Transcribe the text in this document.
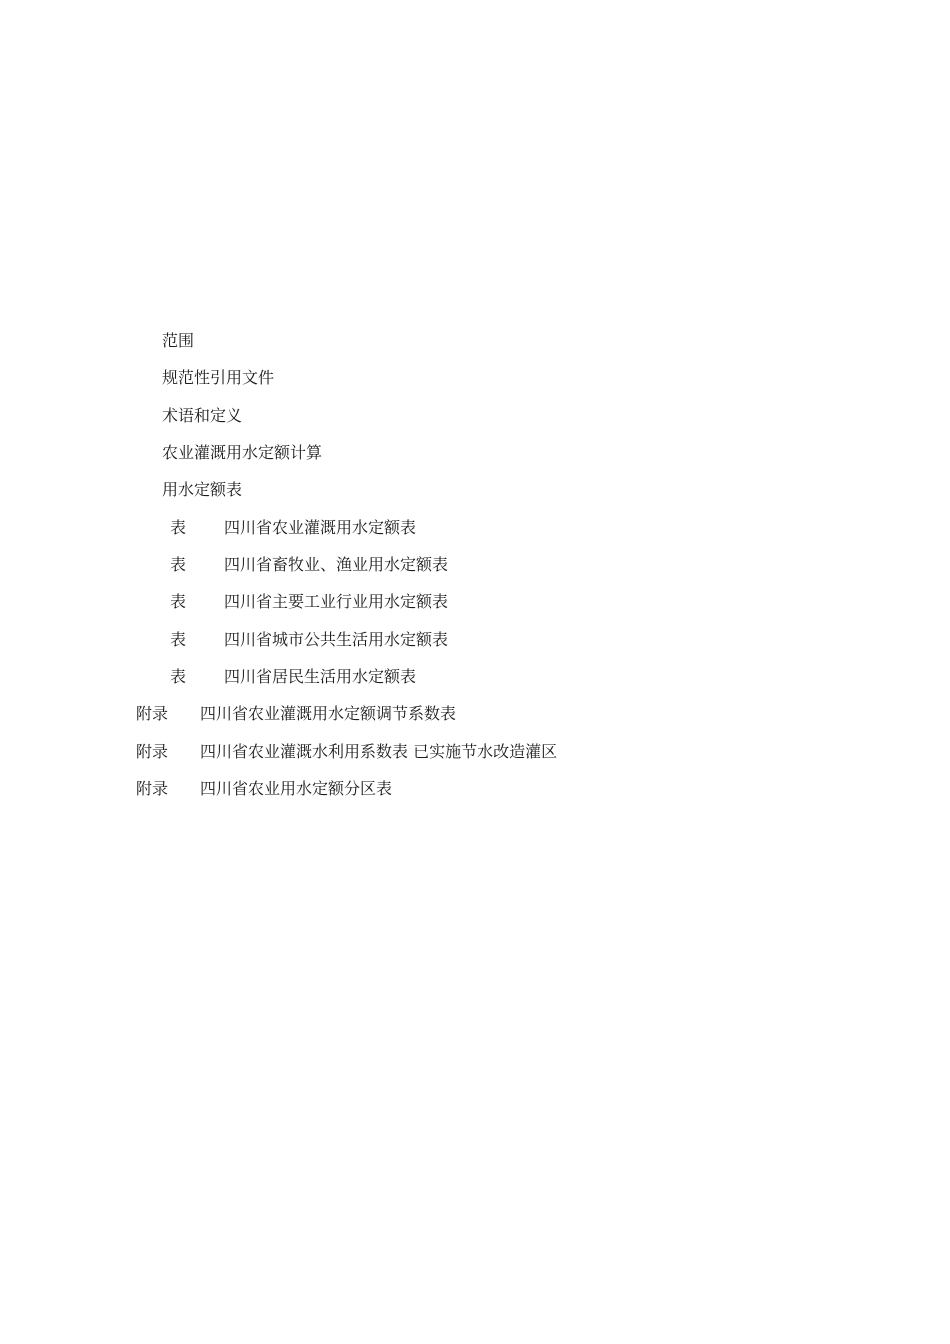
范围
规范性引用文件
术语和定义
农业灌溉用水定额计算
用水定额表
表 四川省农业灌溉用水定额表
表 四川省畜牧业、渔业用水定额表
表 四川省主要工业行业用水定额表
表 四川省城市公共生活用水定额表
表 四川省居民生活用水定额表
附录 四川省农业灌溉用水定额调节系数表
附录 四川省农业灌溉水利用系数表 已实施节水改造灌区
附录 四川省农业用水定额分区表
